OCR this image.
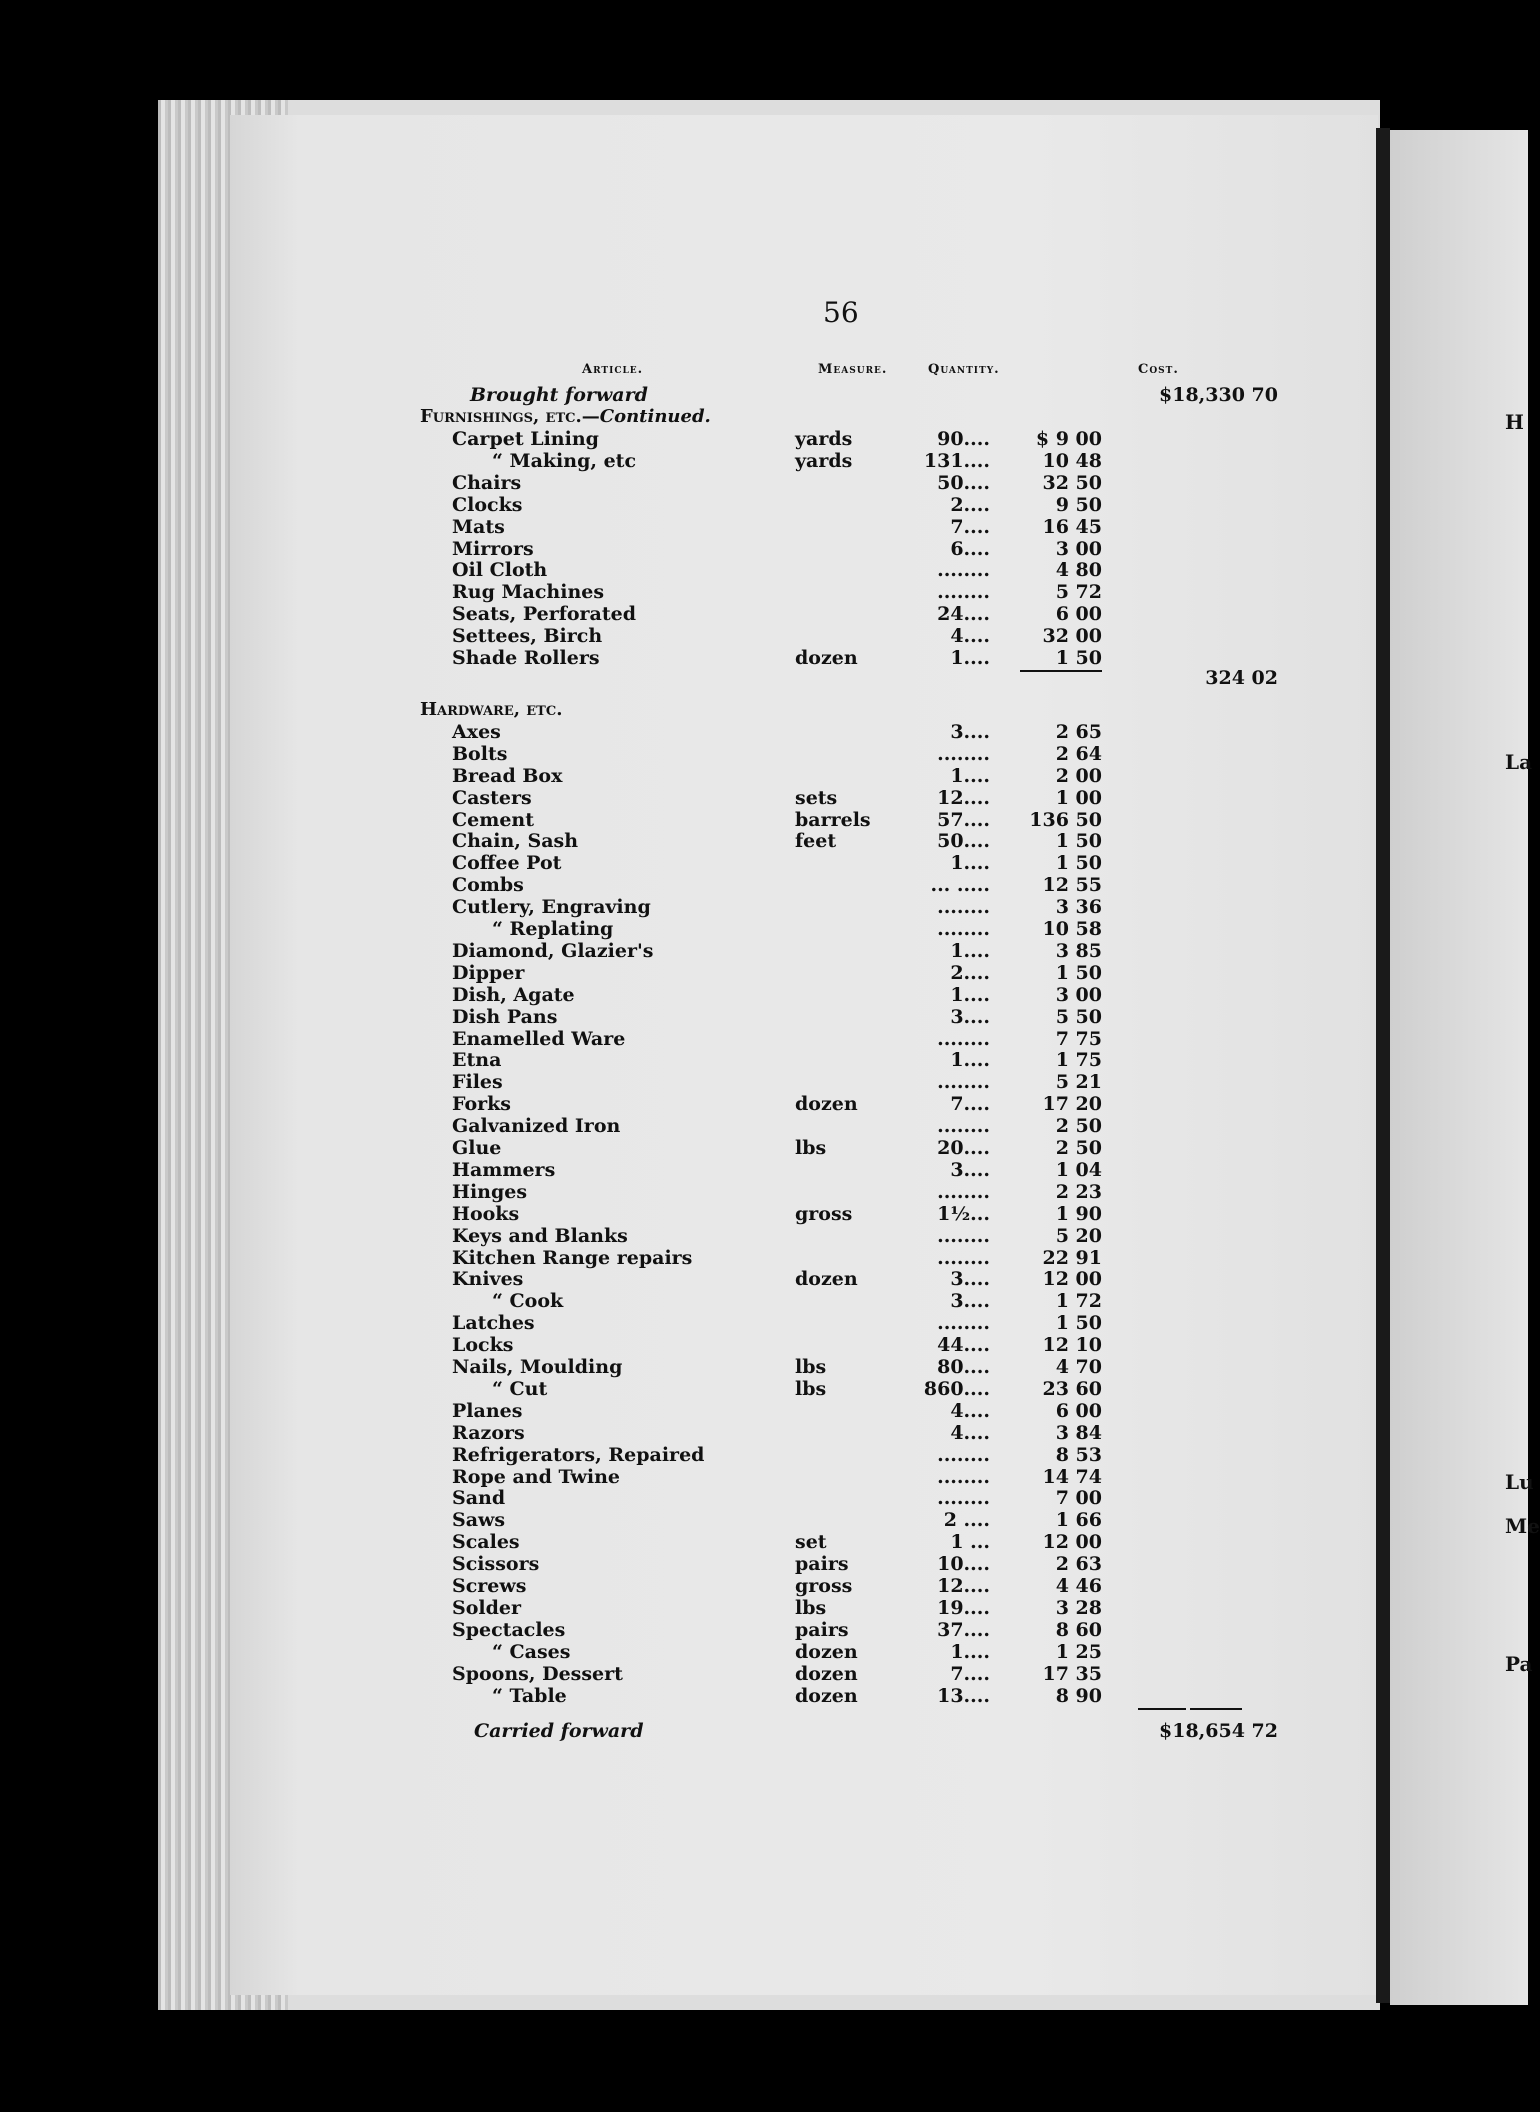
H
La
Lu
Me
Pa
56
Article.	Measure.	Quantity.	Cost.
Brought forward	$18,330 70
Furnishings, etc.—Continued.
Carpet Lining	yards	90....	$ 9 00
“ Making, etc	yards	131....	10 48
Chairs	50....	32 50
Clocks	2....	9 50
Mats	7....	16 45
Mirrors	6....	3 00
Oil Cloth	........	4 80
Rug Machines	........	5 72
Seats, Perforated	24....	6 00
Settees, Birch	4....	32 00
Shade Rollers	dozen	1....	1 50
324 02
Hardware, etc.
Axes	3....	2 65
Bolts	........	2 64
Bread Box	1....	2 00
Casters	sets	12....	1 00
Cement	barrels	57....	136 50
Chain, Sash	feet	50....	1 50
Coffee Pot	1....	1 50
Combs	... .....	12 55
Cutlery, Engraving	........	3 36
“ Replating	........	10 58
Diamond, Glazier's	1....	3 85
Dipper	2....	1 50
Dish, Agate	1....	3 00
Dish Pans	3....	5 50
Enamelled Ware	........	7 75
Etna	1....	1 75
Files	........	5 21
Forks	dozen	7....	17 20
Galvanized Iron	........	2 50
Glue	lbs	20....	2 50
Hammers	3....	1 04
Hinges	........	2 23
Hooks	gross	1½...	1 90
Keys and Blanks	........	5 20
Kitchen Range repairs	........	22 91
Knives	dozen	3....	12 00
“ Cook	3....	1 72
Latches	........	1 50
Locks	44....	12 10
Nails, Moulding	lbs	80....	4 70
“ Cut	lbs	860....	23 60
Planes	4....	6 00
Razors	4....	3 84
Refrigerators, Repaired	........	8 53
Rope and Twine	........	14 74
Sand	........	7 00
Saws	2 ....	1 66
Scales	set	1 ...	12 00
Scissors	pairs	10....	2 63
Screws	gross	12....	4 46
Solder	lbs	19....	3 28
Spectacles	pairs	37....	8 60
“ Cases	dozen	1....	1 25
Spoons, Dessert	dozen	7....	17 35
“ Table	dozen	13....	8 90
Carried forward	$18,654 72
